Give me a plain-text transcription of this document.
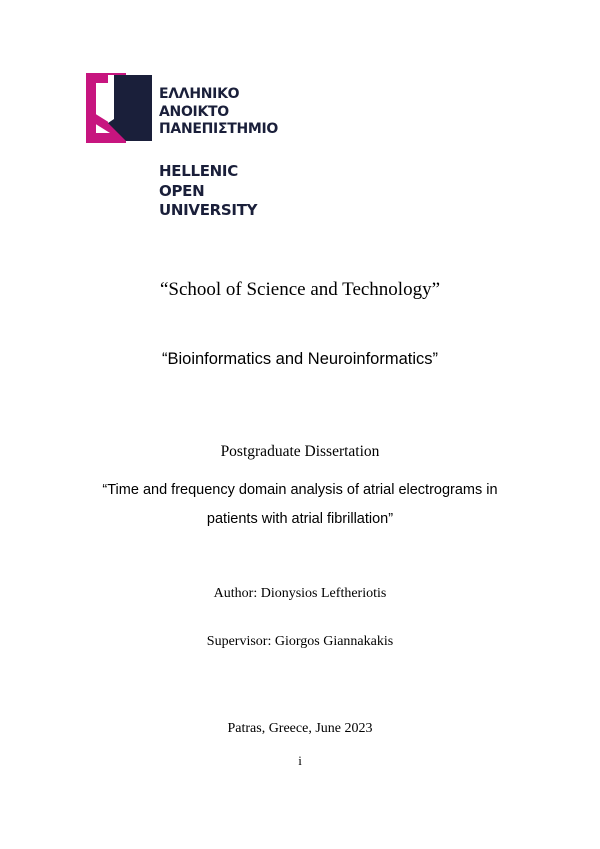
ΕΛΛΗΝΙΚΟ
ΑΝΟΙΚΤΟ
ΠΑΝΕΠΙΣΤΗΜΙΟ
HELLENIC
OPEN
UNIVERSITY
“School of Science and Technology”
“Bioinformatics and Neuroinformatics”
Postgraduate Dissertation
“Time and frequency domain analysis of atrial electrograms in
patients with atrial fibrillation”
Author: Dionysios Leftheriotis
Supervisor: Giorgos Giannakakis
Patras, Greece, June 2023
i
